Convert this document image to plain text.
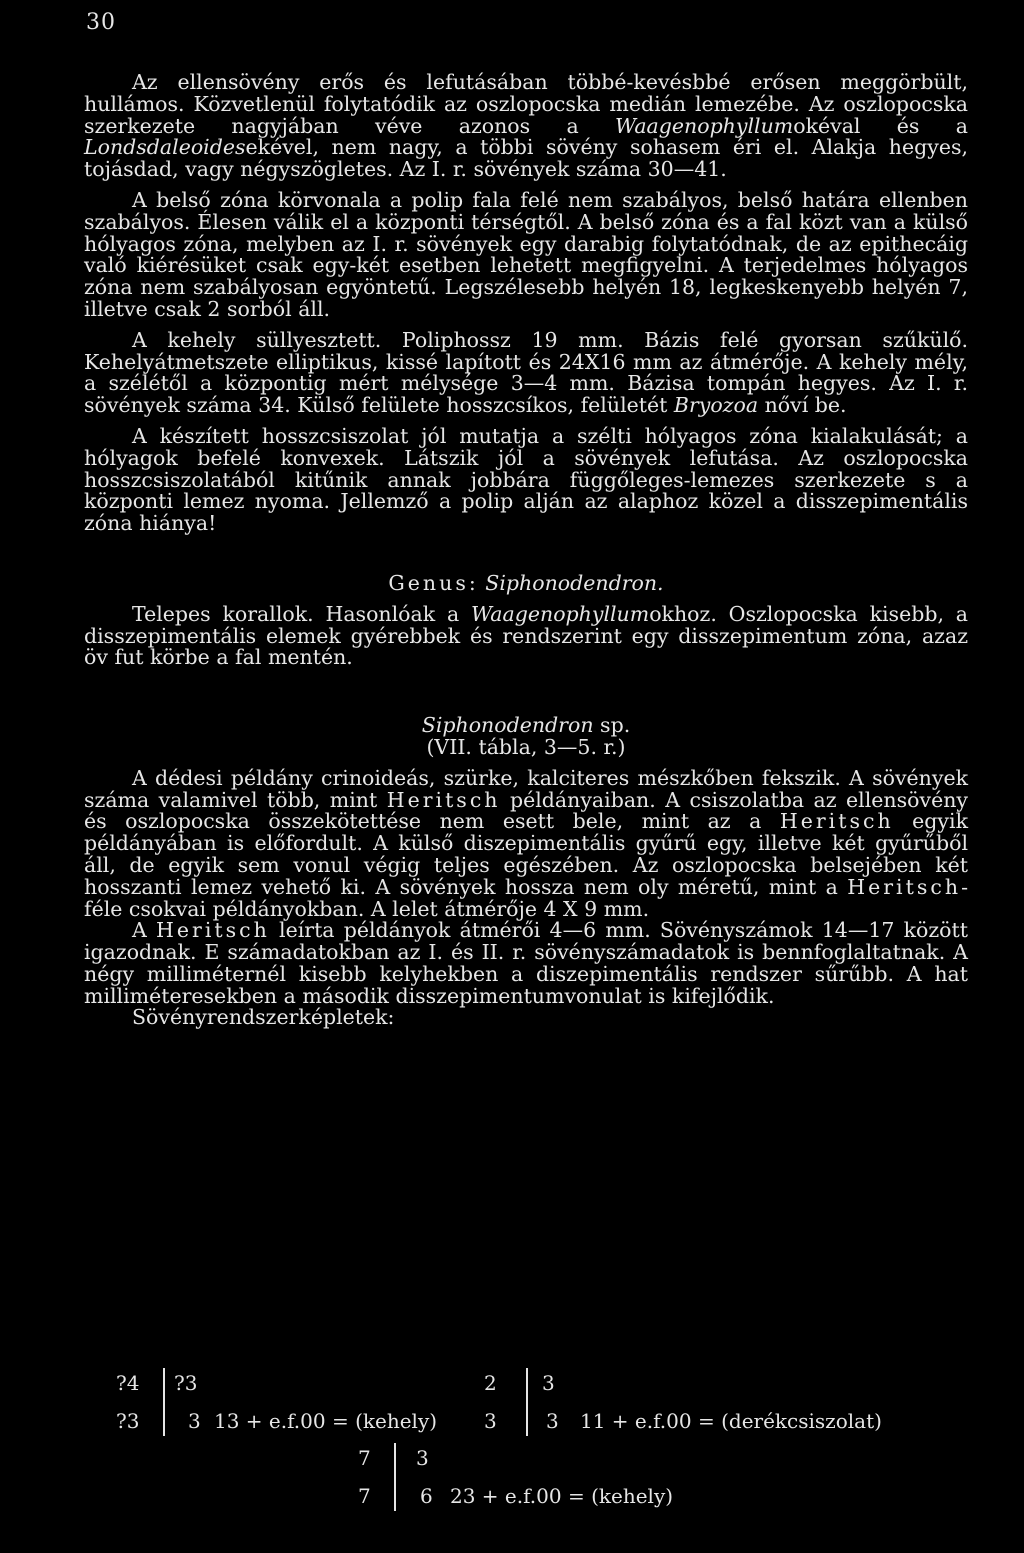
30

Az ellensövény erős és lefutásában többé-kevésbbé erősen meggörbült, hullámos. Közvetlenül folytatódik az oszlopocska medián lemezébe. Az oszlopocska szerkezete nagyjában véve azonos a Waagenophyllumokéval és a Londsdaleoidesekével, nem nagy, a többi sövény sohasem éri el. Alakja hegyes, tojásdad, vagy négyszögletes. Az I. r. sövények száma 30—41.

A belső zóna körvonala a polip fala felé nem szabályos, belső határa ellenben szabályos. Élesen válik el a központi térségtől. A belső zóna és a fal közt van a külső hólyagos zóna, melyben az I. r. sövények egy darabig folytatódnak, de az epithecáig való kiérésüket csak egy-két esetben lehetett megfigyelni. A terjedelmes hólyagos zóna nem szabályosan egyöntetű. Legszélesebb helyén 18, legkeskenyebb helyén 7, illetve csak 2 sorból áll.

A kehely süllyesztett. Poliphossz 19 mm. Bázis felé gyorsan szűkülő. Kehelyátmetszete elliptikus, kissé lapított és 24X16 mm az átmérője. A kehely mély, a szélétől a központig mért mélysége 3—4 mm. Bázisa tompán hegyes. Az I. r. sövények száma 34. Külső felülete hosszcsíkos, felületét Bryozoa nőví be.

A készített hosszcsiszolat jól mutatja a szélti hólyagos zóna kialakulását; a hólyagok befelé konvexek. Látszik jól a sövények lefutása. Az oszlopocska hosszcsiszolatából kitűnik annak jobbára függőleges-lemezes szerkezete s a központi lemez nyoma. Jellemző a polip alján az alaphoz közel a disszepimentális zóna hiánya!

Genus: Siphonodendron.

Telepes korallok. Hasonlóak a Waagenophyllumokhoz. Oszlopocska kisebb, a disszepimentális elemek gyérebbek és rendszerint egy disszepimentum zóna, azaz öv fut körbe a fal mentén.

Siphonodendron sp.

(VII. tábla, 3—5. r.)

A dédesi példány crinoideás, szürke, kalciteres mészkőben fekszik. A sövények száma valamivel több, mint Heritsch példányaiban. A csiszolatba az ellensövény és oszlopocska összekötettése nem esett bele, mint az a Heritsch egyik példányában is előfordult. A külső diszepimentális gyűrű egy, illetve két gyűrűből áll, de egyik sem vonul végig teljes egészében. Az oszlopocska belsejében két hosszanti lemez vehető ki. A sövények hossza nem oly méretű, mint a Heritsch-féle csokvai példányokban. A lelet átmérője 4 X 9 mm.

A Heritsch leírta példányok átmérői 4—6 mm. Sövényszámok 14—17 között igazodnak. E számadatokban az I. és II. r. sövényszámadatok is bennfoglaltatnak. A négy milliméternél kisebb kelyhekben a diszepimentális rendszer sűrűbb. A hat milliméteresekben a második disszepimentumvonulat is kifejlődik.

Sövényrendszerképletek:

?4 ?3
?3 3 13 + e.f.00 = (kehely)
2 3
3 3 11 + e.f.00 = (derékcsiszolat)
7 3
7 6 23 + e.f.00 = (kehely)
